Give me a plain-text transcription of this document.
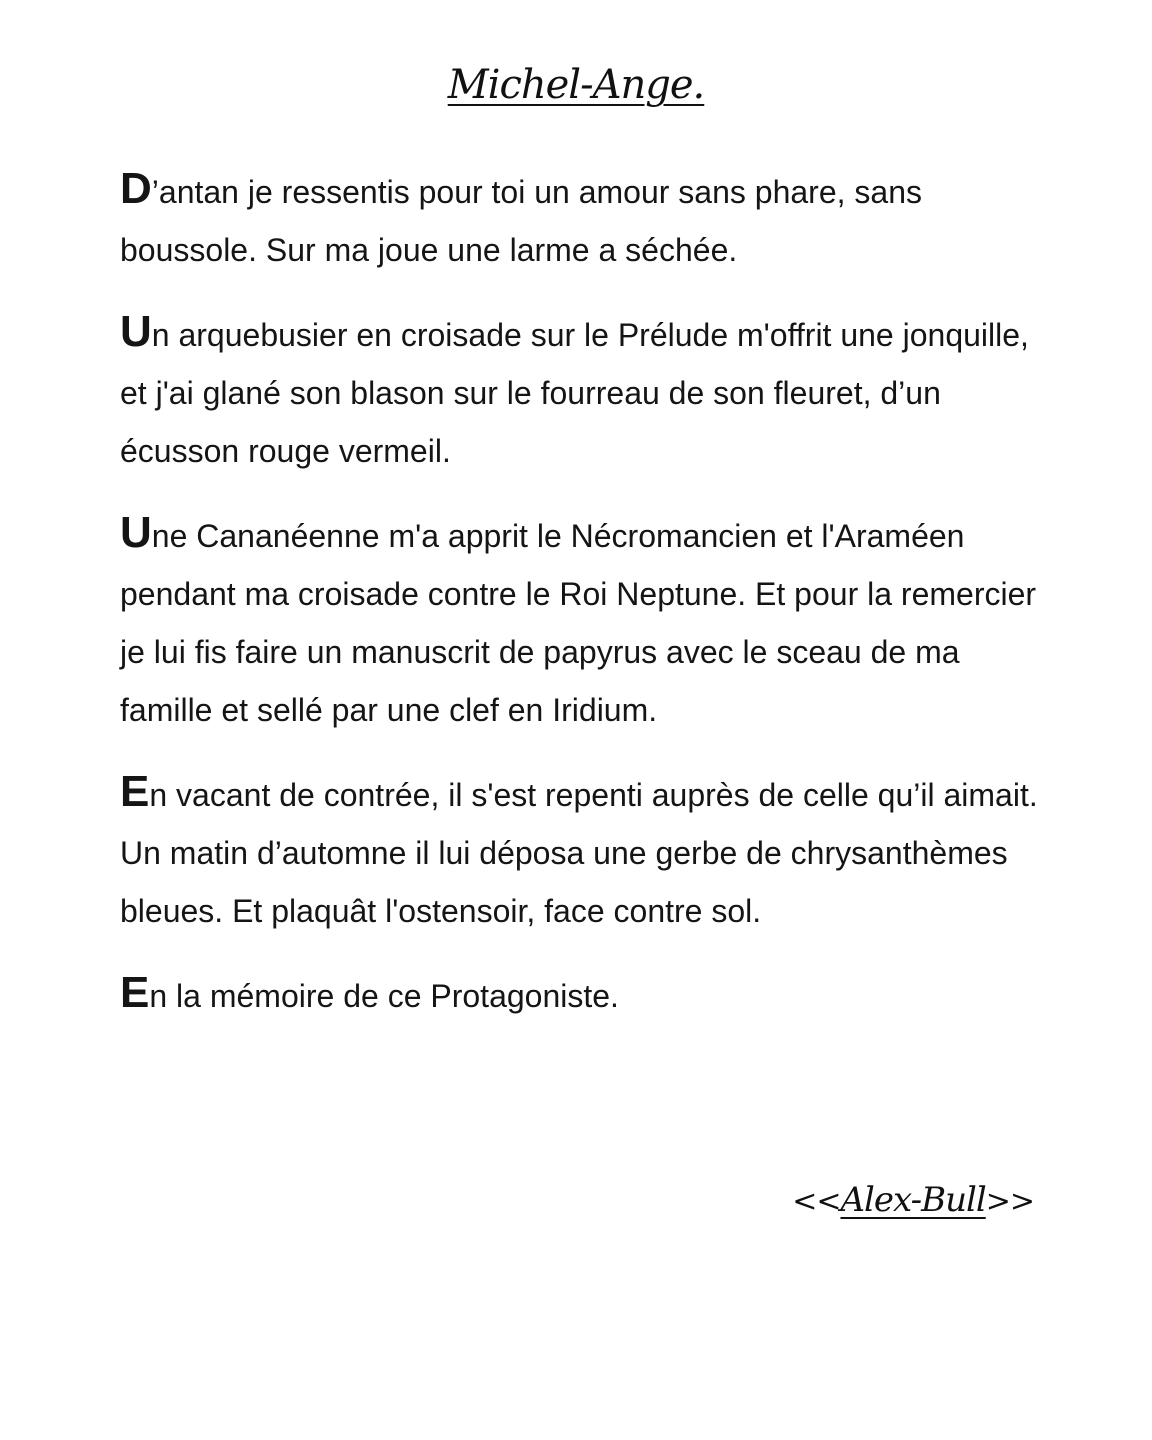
Michel-Ange.

D’antan je ressentis pour toi un amour sans phare, sans boussole. Sur ma joue une larme a séchée.

Un arquebusier en croisade sur le Prélude m'offrit une jonquille, et j'ai glané son blason sur le fourreau de son fleuret, d’un écusson rouge vermeil.

Une Cananéenne m'a apprit le Nécromancien et l'Araméen pendant ma croisade contre le Roi Neptune. Et pour la remercier je lui fis faire un manuscrit de papyrus avec le sceau de ma famille et sellé par une clef en Iridium.

En vacant de contrée, il s'est repenti auprès de celle qu’il aimait. Un matin d’automne il lui déposa une gerbe de chrysanthèmes bleues. Et plaquât l'ostensoir, face contre sol.

En la mémoire de ce Protagoniste.

<<Alex-Bull>>
